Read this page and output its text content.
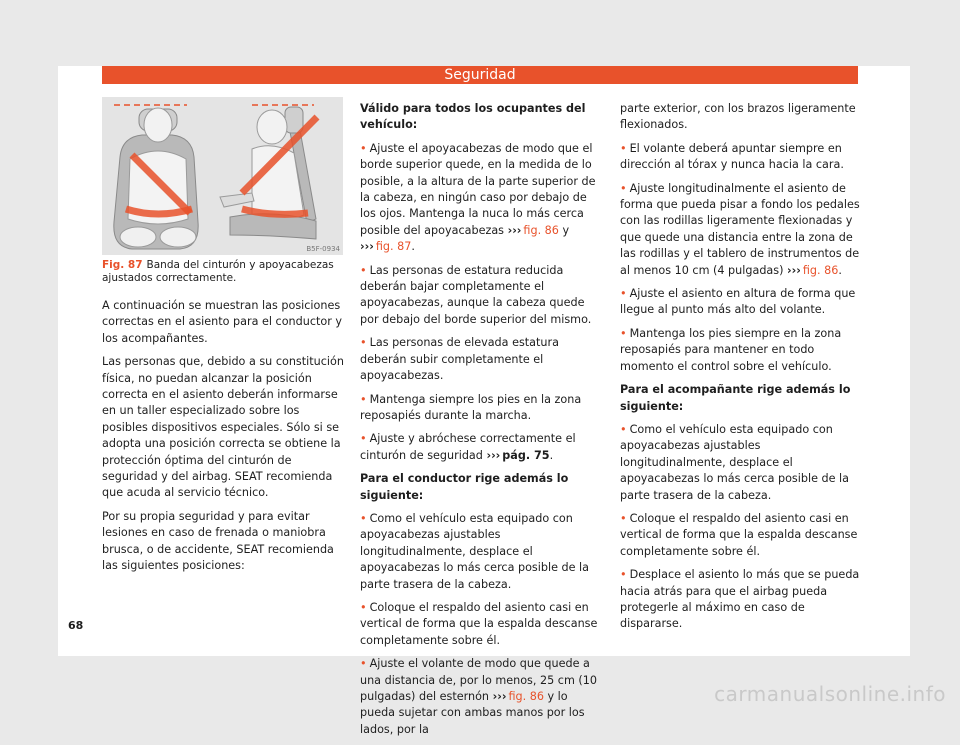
Seguridad
B5F-0934
Fig. 87 Banda del cinturón y apoyacabezas ajustados correctamente.

A continuación se muestran las posiciones correctas en el asiento para el conductor y los acompañantes.

Las personas que, debido a su constitución física, no puedan alcanzar la posición correcta en el asiento deberán informarse en un taller especializado sobre los posibles dispositivos especiales. Sólo si se adopta una posición correcta se obtiene la protección óptima del cinturón de seguridad y del airbag. SEAT recomienda que acuda al servicio técnico.

Por su propia seguridad y para evitar lesiones en caso de frenada o maniobra brusca, o de accidente, SEAT recomienda las siguientes posiciones:

Válido para todos los ocupantes del vehículo:

• Ajuste el apoyacabezas de modo que el borde superior quede, en la medida de lo posible, a la altura de la parte superior de la cabeza, en ningún caso por debajo de los ojos. Mantenga la nuca lo más cerca posible del apoyacabezas ››› fig. 86 y ››› fig. 87.

• Las personas de estatura reducida deberán bajar completamente el apoyacabezas, aunque la cabeza quede por debajo del borde superior del mismo.

• Las personas de elevada estatura deberán subir completamente el apoyacabezas.

• Mantenga siempre los pies en la zona reposapiés durante la marcha.

• Ajuste y abróchese correctamente el cinturón de seguridad ››› pág. 75.

Para el conductor rige además lo siguiente:

• Como el vehículo esta equipado con apoyacabezas ajustables longitudinalmente, desplace el apoyacabezas lo más cerca posible de la parte trasera de la cabeza.

• Coloque el respaldo del asiento casi en vertical de forma que la espalda descanse completamente sobre él.

• Ajuste el volante de modo que quede a una distancia de, por lo menos, 25 cm (10 pulgadas) del esternón ››› fig. 86 y lo pueda sujetar con ambas manos por los lados, por la

parte exterior, con los brazos ligeramente flexionados.

• El volante deberá apuntar siempre en dirección al tórax y nunca hacia la cara.

• Ajuste longitudinalmente el asiento de forma que pueda pisar a fondo los pedales con las rodillas ligeramente flexionadas y que quede una distancia entre la zona de las rodillas y el tablero de instrumentos de al menos 10 cm (4 pulgadas) ››› fig. 86.

• Ajuste el asiento en altura de forma que llegue al punto más alto del volante.

• Mantenga los pies siempre en la zona reposapiés para mantener en todo momento el control sobre el vehículo.

Para el acompañante rige además lo siguiente:

• Como el vehículo esta equipado con apoyacabezas ajustables longitudinalmente, desplace el apoyacabezas lo más cerca posible de la parte trasera de la cabeza.

• Coloque el respaldo del asiento casi en vertical de forma que la espalda descanse completamente sobre él.

• Desplace el asiento lo más que se pueda hacia atrás para que el airbag pueda protegerle al máximo en caso de dispararse.

68
carmanualsonline.info
